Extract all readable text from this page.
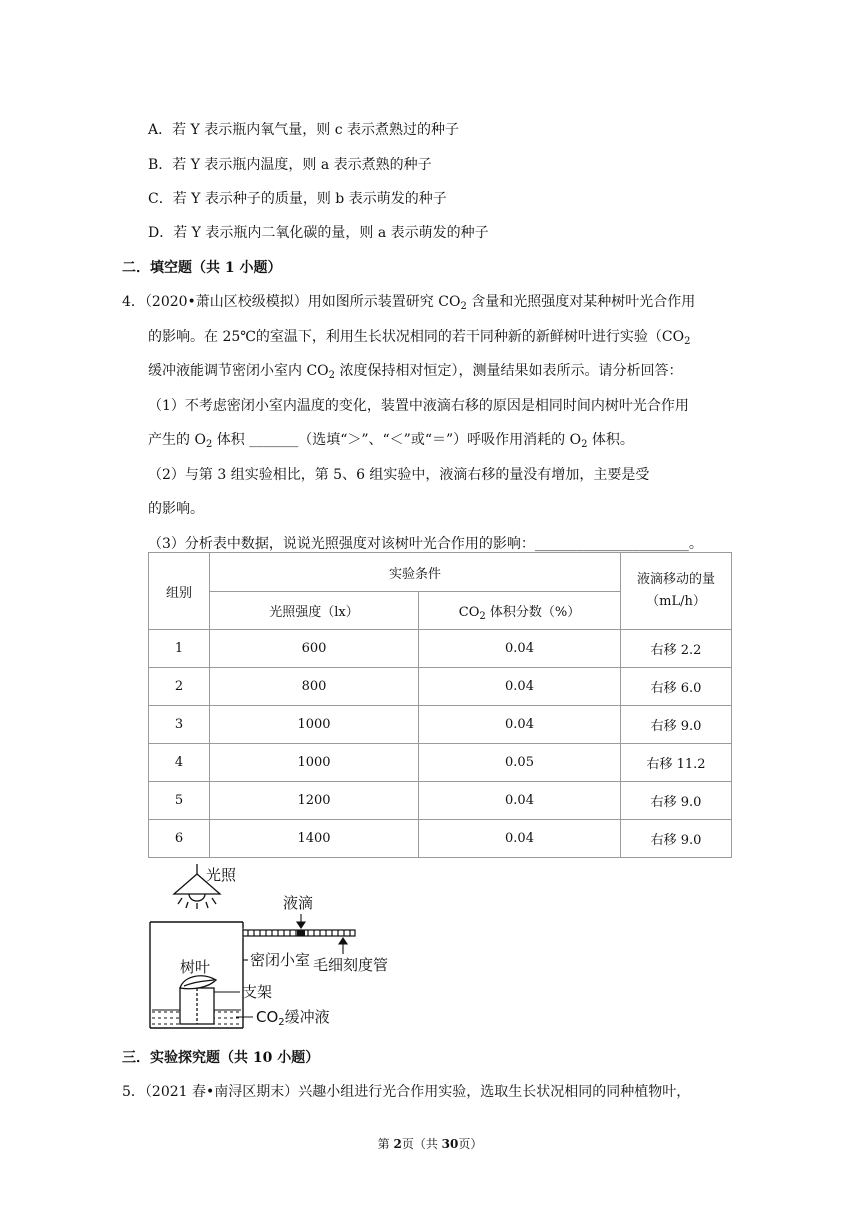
A．若 Y 表示瓶内氧气量，则 c 表示煮熟过的种子
B．若 Y 表示瓶内温度，则 a 表示煮熟的种子
C．若 Y 表示种子的质量，则 b 表示萌发的种子
D．若 Y 表示瓶内二氧化碳的量，则 a 表示萌发的种子
二．填空题（共 1 小题）
4．（2020•萧山区校级模拟）用如图所示装置研究 $CO_2$ 含量和光照强度对某种树叶光合作用
的影响。在 25℃的室温下，利用生长状况相同的若干同种新的新鲜树叶进行实验（$CO_2$
缓冲液能调节密闭小室内 $CO_2$ 浓度保持相对恒定），测量结果如表所示。请分析回答：
（1）不考虑密闭小室内温度的变化，装置中液滴右移的原因是相同时间内树叶光合作用
产生的 $O_2$ 体积 _______（选填“＞”、“＜”或“＝”）呼吸作用消耗的 $O_2$ 体积。
（2）与第 3 组实验相比，第 5、6 组实验中，液滴右移的量没有增加，主要是受
的影响。
（3）分析表中数据，说说光照强度对该树叶光合作用的影响：______________________。
组别	实验条件		液滴移动的量
（mL/h）

	光照强度（lx）	$CO_2$ 体积分数（%）	
1	600	0.04	右移 2.2
2	800	0.04	右移 6.0
3	1000	0.04	右移 9.0
4	1000	0.05	右移 11.2
5	1200	0.04	右移 9.0
6	1400	0.04	右移 9.0
光照
液滴
树叶	密闭小室 毛细刻度管
支架
$CO_2$缓冲液
三．实验探究题（共 10 小题）
5．（2021 春•南浔区期末）兴趣小组进行光合作用实验，选取生长状况相同的同种植物叶，
第 2页（共 30页）
